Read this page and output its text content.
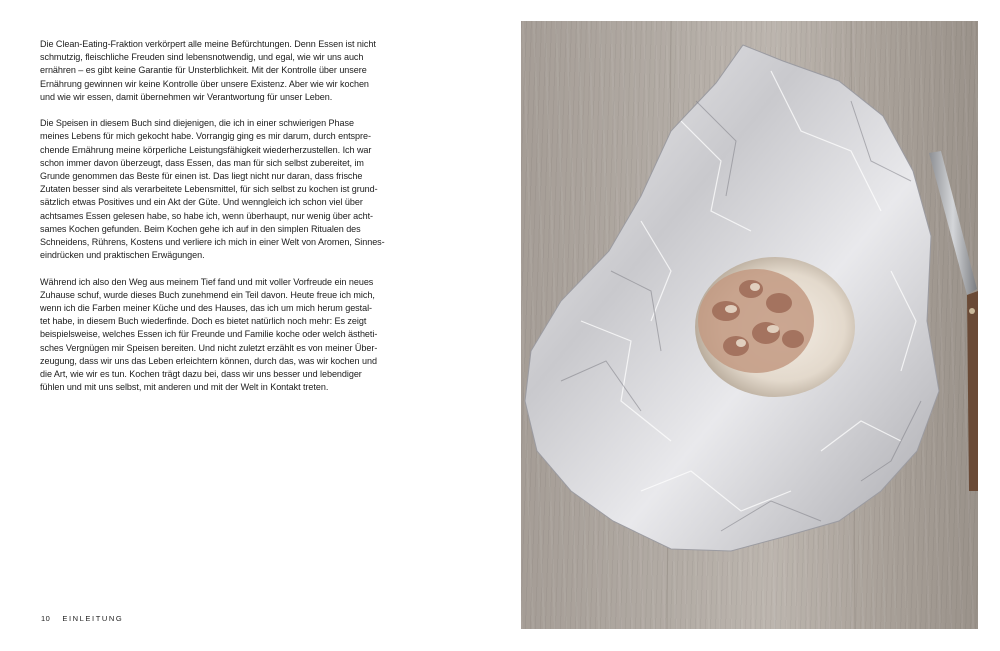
Die Clean-Eating-Fraktion verkörpert alle meine Befürchtungen. Denn Essen ist nicht
schmutzig, fleischliche Freuden sind lebensnotwendig, und egal, wie wir uns auch
ernähren – es gibt keine Garantie für Unsterblichkeit. Mit der Kontrolle über unsere
Ernährung gewinnen wir keine Kontrolle über unsere Existenz. Aber wie wir kochen
und wie wir essen, damit übernehmen wir Verantwortung für unser Leben.

Die Speisen in diesem Buch sind diejenigen, die ich in einer schwierigen Phase
meines Lebens für mich gekocht habe. Vorrangig ging es mir darum, durch entspre-
chende Ernährung meine körperliche Leistungsfähigkeit wiederherzustellen. Ich war
schon immer davon überzeugt, dass Essen, das man für sich selbst zubereitet, im
Grunde genommen das Beste für einen ist. Das liegt nicht nur daran, dass frische
Zutaten besser sind als verarbeitete Lebensmittel, für sich selbst zu kochen ist grund-
sätzlich etwas Positives und ein Akt der Güte. Und wenngleich ich schon viel über
achtsames Essen gelesen habe, so habe ich, wenn überhaupt, nur wenig über acht-
sames Kochen gefunden. Beim Kochen gehe ich auf in den simplen Ritualen des
Schneidens, Rührens, Kostens und verliere ich mich in einer Welt von Aromen, Sinnes-
eindrücken und praktischen Erwägungen.

Während ich also den Weg aus meinem Tief fand und mit voller Vorfreude ein neues
Zuhause schuf, wurde dieses Buch zunehmend ein Teil davon. Heute freue ich mich,
wenn ich die Farben meiner Küche und des Hauses, das ich um mich herum gestal-
tet habe, in diesem Buch wiederfinde. Doch es bietet natürlich noch mehr: Es zeigt
beispielsweise, welches Essen ich für Freunde und Familie koche oder welch ästheti-
sches Vergnügen mir Speisen bereiten. Und nicht zuletzt erzählt es von meiner Über-
zeugung, dass wir uns das Leben erleichtern können, durch das, was wir kochen und
die Art, wie wir es tun. Kochen trägt dazu bei, dass wir uns besser und lebendiger
fühlen und mit uns selbst, mit anderen und mit der Welt in Kontakt treten.

10 EINLEITUNG
